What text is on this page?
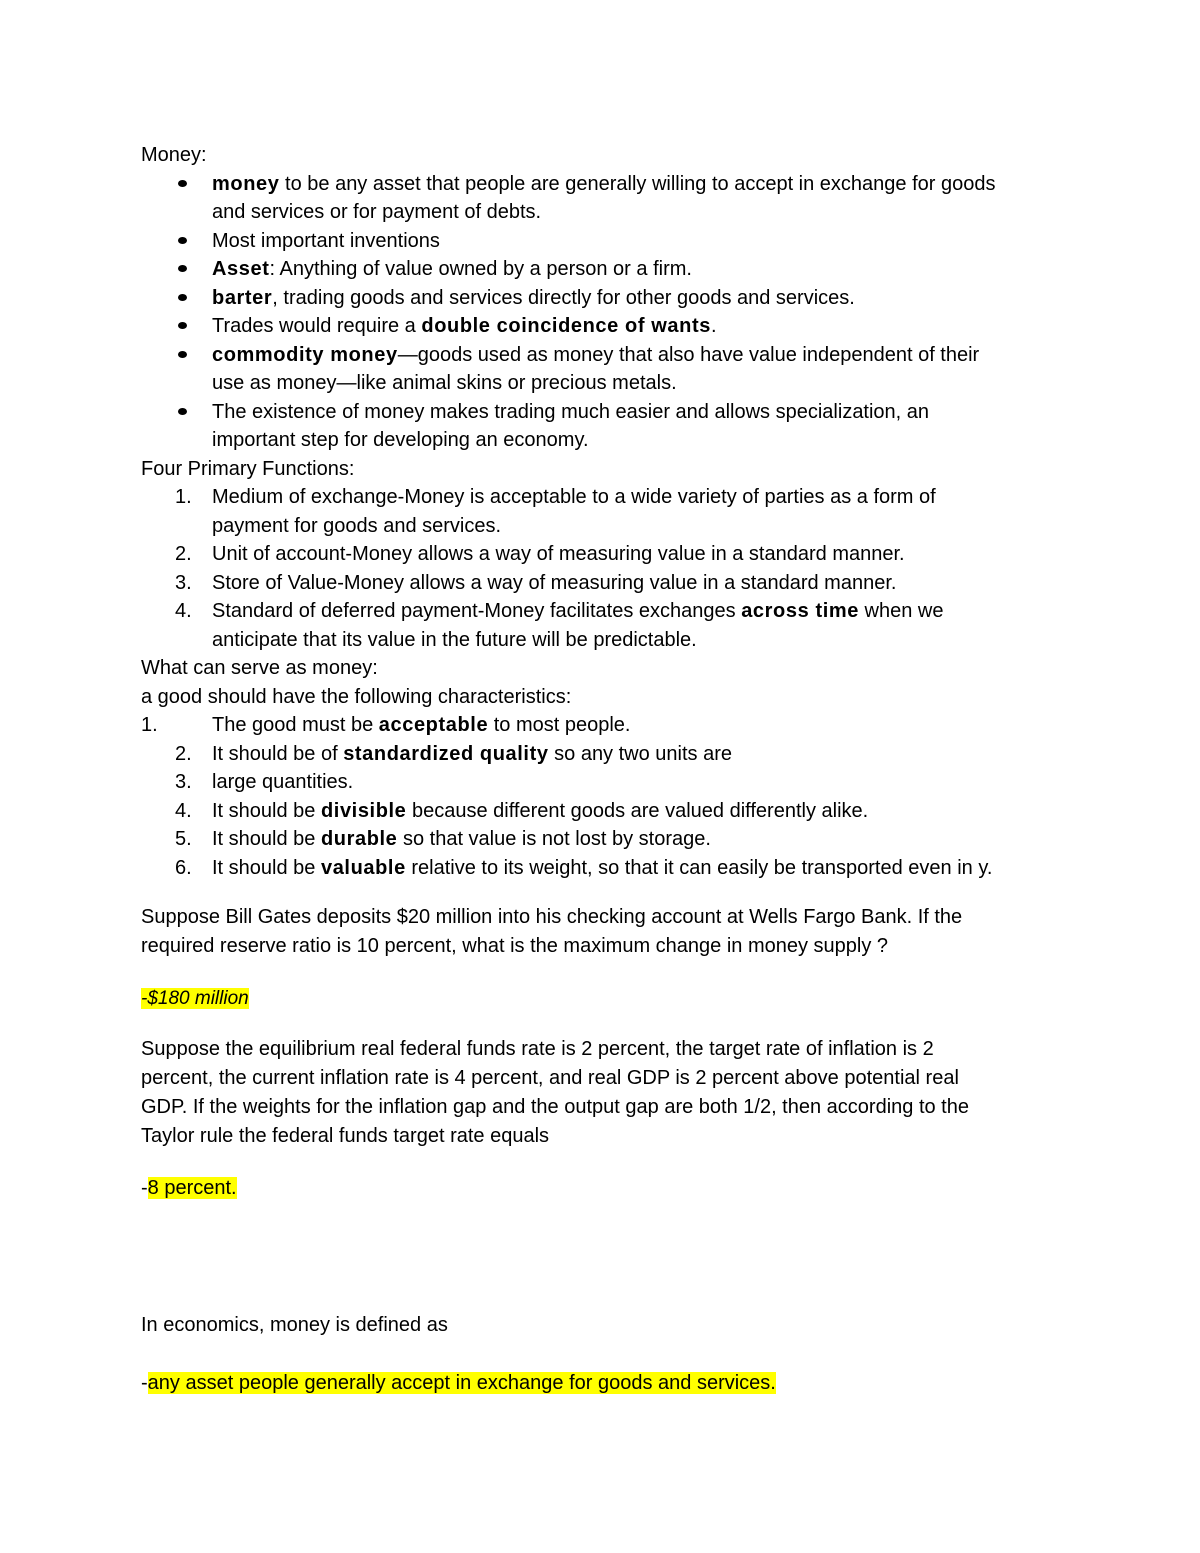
Money:
money to be any asset that people are generally willing to accept in exchange for goods
and services or for payment of debts.
Most important inventions
Asset: Anything of value owned by a person or a firm.
barter, trading goods and services directly for other goods and services.
Trades would require a double coincidence of wants.
commodity money—goods used as money that also have value independent of their
use as money—like animal skins or precious metals.
The existence of money makes trading much easier and allows specialization, an
important step for developing an economy.
Four Primary Functions:
1. Medium of exchange-Money is acceptable to a wide variety of parties as a form of
payment for goods and services.
2. Unit of account-Money allows a way of measuring value in a standard manner.
3. Store of Value-Money allows a way of measuring value in a standard manner.
4. Standard of deferred payment-Money facilitates exchanges across time when we
anticipate that its value in the future will be predictable.
What can serve as money:
a good should have the following characteristics:
1.	The good must be acceptable to most people.
2. It should be of standardized quality so any two units are
3. large quantities.
4. It should be divisible because different goods are valued differently alike.
5. It should be durable so that value is not lost by storage.
6. It should be valuable relative to its weight, so that it can easily be transported even in y.
Suppose Bill Gates deposits $20 million into his checking account at Wells Fargo Bank. If the
required reserve ratio is 10 percent, what is the maximum change in money supply ?
-$180 million
Suppose the equilibrium real federal funds rate is 2 percent, the target rate of inflation is 2
percent, the current inflation rate is 4 percent, and real GDP is 2 percent above potential real
GDP. If the weights for the inflation gap and the output gap are both 1/2, then according to the
Taylor rule the federal funds target rate equals
-8 percent.
In economics, money is defined as
-any asset people generally accept in exchange for goods and services.
